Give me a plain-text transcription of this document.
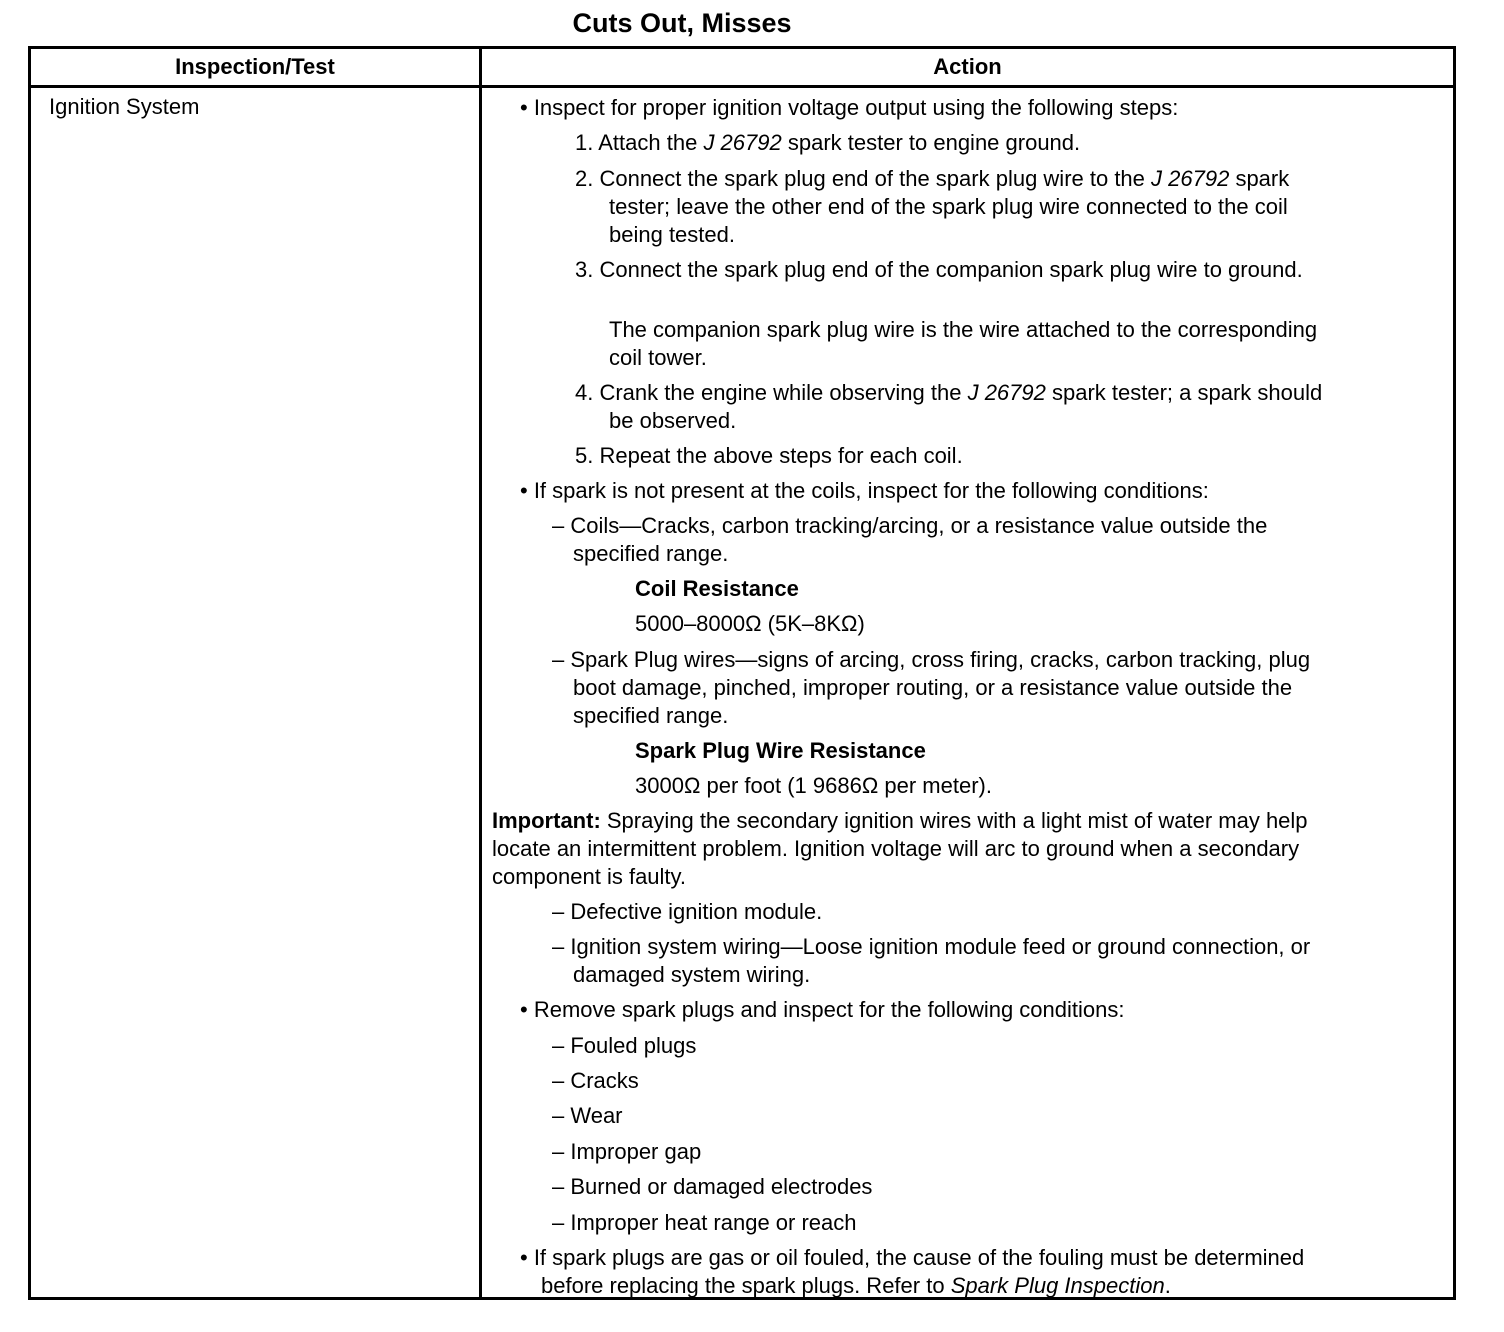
Cuts Out, Misses
Inspection/Test	Action
Ignition System	• Inspect for proper ignition voltage output using the following steps:
1. Attach the J 26792 spark tester to engine ground.
2. Connect the spark plug end of the spark plug wire to the J 26792 spark
tester; leave the other end of the spark plug wire connected to the coil
being tested.
3. Connect the spark plug end of the companion spark plug wire to ground.
The companion spark plug wire is the wire attached to the corresponding
coil tower.
4. Crank the engine while observing the J 26792 spark tester; a spark should
be observed.
5. Repeat the above steps for each coil.
• If spark is not present at the coils, inspect for the following conditions:
– Coils—Cracks, carbon tracking/arcing, or a resistance value outside the
specified range.
Coil Resistance
5000–8000Ω (5K–8KΩ)
– Spark Plug wires—signs of arcing, cross firing, cracks, carbon tracking, plug
boot damage, pinched, improper routing, or a resistance value outside the
specified range.
Spark Plug Wire Resistance
3000Ω per foot (1 9686Ω per meter).
Important: Spraying the secondary ignition wires with a light mist of water may help
locate an intermittent problem. Ignition voltage will arc to ground when a secondary
component is faulty.
– Defective ignition module.
– Ignition system wiring—Loose ignition module feed or ground connection, or
damaged system wiring.
• Remove spark plugs and inspect for the following conditions:
– Fouled plugs
– Cracks
– Wear
– Improper gap
– Burned or damaged electrodes
– Improper heat range or reach
• If spark plugs are gas or oil fouled, the cause of the fouling must be determined
before replacing the spark plugs. Refer to Spark Plug Inspection.
